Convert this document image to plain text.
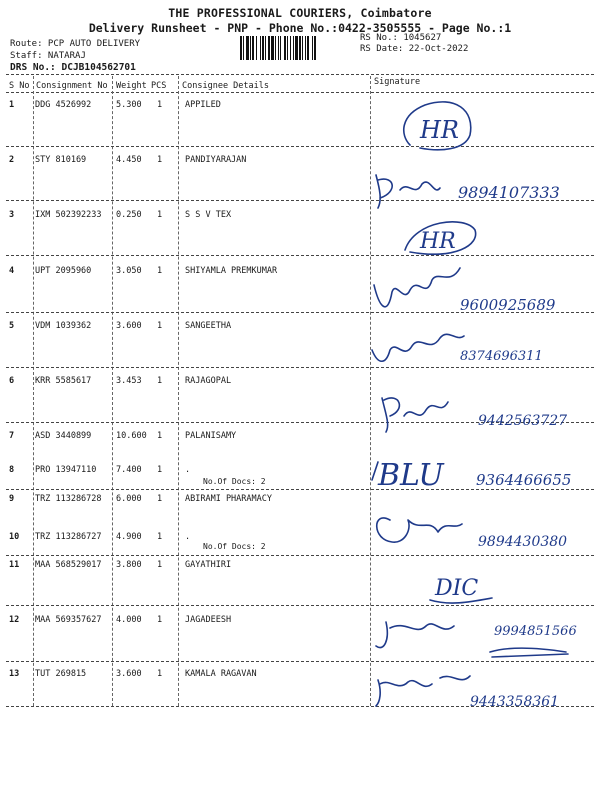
THE PROFESSIONAL COURIERS, Coimbatore
Delivery Runsheet - PNP - Phone No.:0422-3505555 - Page No.:1
Route: PCP AUTO DELIVERY
Staff: NATARAJ
DRS No.: DCJB104562701
RS No.: 1045627
RS Date: 22-Oct-2022
S No Consignment No Weight PCS Consignee Details	Signature
1 DDG 4526992	5.300 1	APPILED
2 STY 810169	4.450 1	PANDIYARAJAN
3 IXM 502392233 0.250 1	S S V TEX
4 UPT 2095960	3.050 1	SHIYAMLA PREMKUMAR
5 VDM 1039362	3.600 1	SANGEETHA
6 KRR 5585617	3.453 1	RAJAGOPAL
7 ASD 3440899	10.600 1	PALANISAMY
8 PRO 13947110 7.400 1	.
No.Of Docs: 2
9 TRZ 113286728 6.000 1	ABIRAMI PHARAMACY
10 TRZ 113286727 4.900 1	.
No.Of Docs: 2
11 MAA 568529017 3.800 1	GAYATHIRI
12 MAA 569357627 4.000 1	JAGADEESH
13 TUT 269815	3.600 1	KAMALA RAGAVAN
HR
9894107333
HR
9600925689
8374696311
9442563727
BLU 9364466655
9894430380
DIC
9994851566
9443358361
